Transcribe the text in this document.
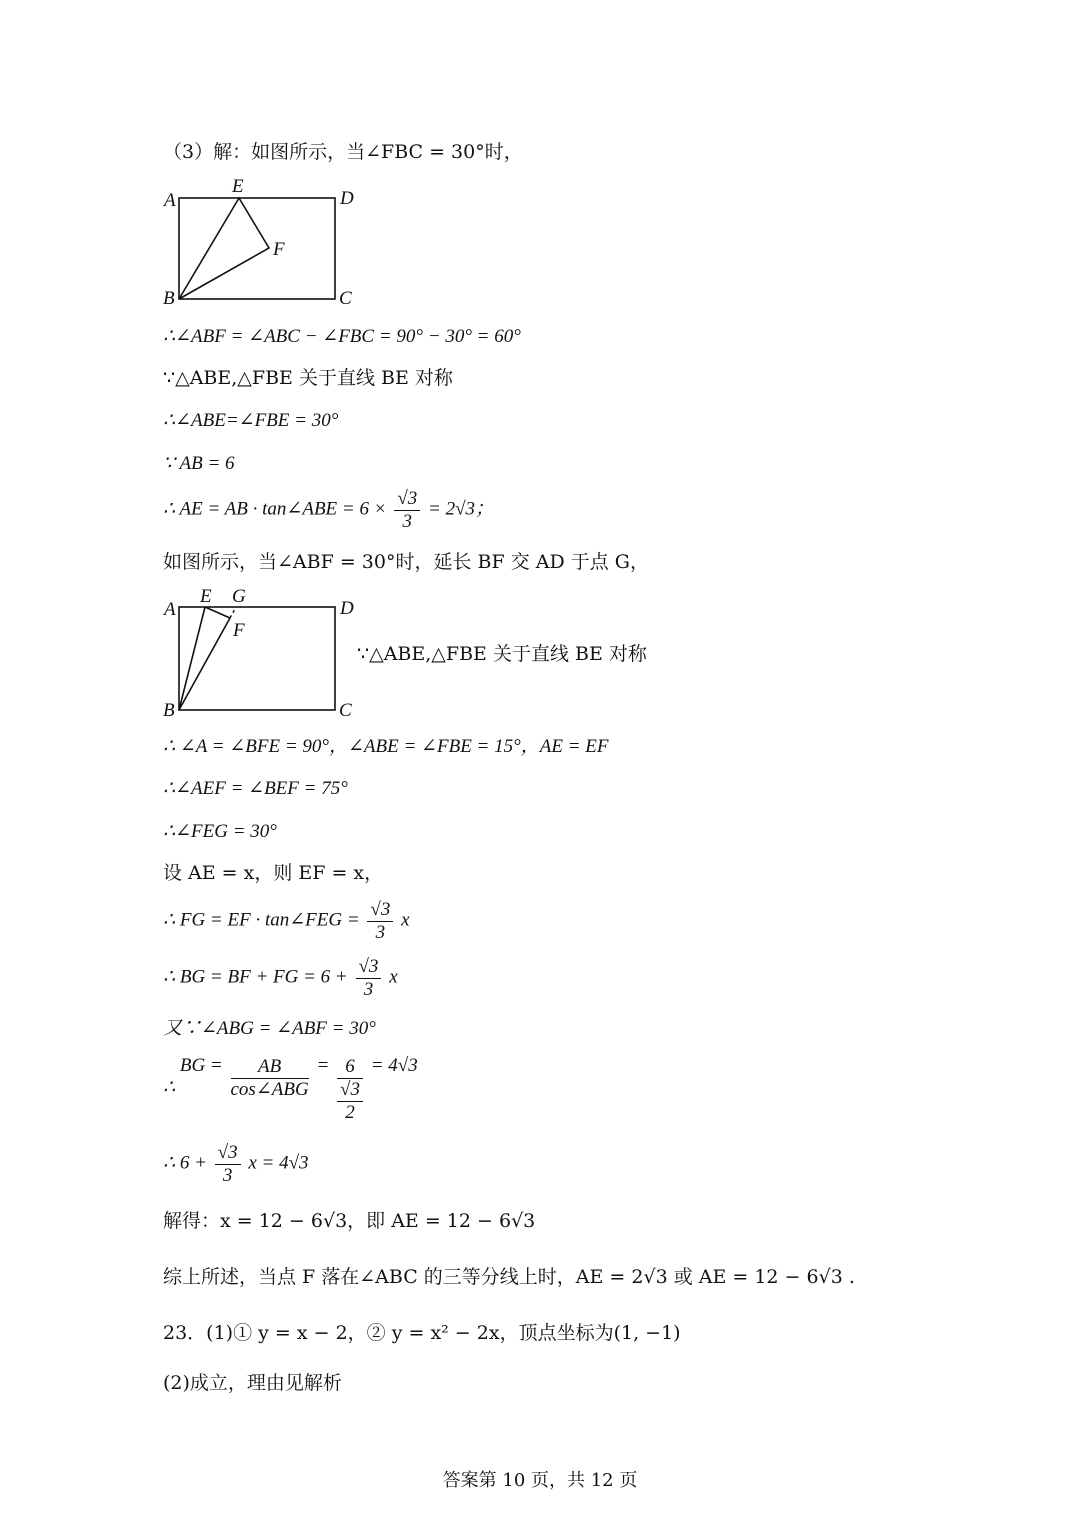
（3）解：如图所示，当∠FBC = 30°时，
A
E
D
F
B	C
∴∠ABF = ∠ABC − ∠FBC = 90° − 30° = 60°
∵△ABE,△FBE 关于直线 BE 对称
∴∠ABE=∠FBE = 30°
∵ AB = 6
∴ AE = AB · tan∠ABE = $6 \times \frac{√3}{3} = 2√3$；
如图所示，当∠ABF = 30°时，延长 BF 交 AD 于点 G，
A
E G
F
D
B	C
∵△ABE,△FBE 关于直线 BE 对称
∴ ∠A = ∠BFE = 90°，∠ABE = ∠FBE = 15°，AE = EF
∴∠AEF = ∠BEF = 75°
∴∠FEG = 30°
设 AE = x，则 EF = x，
∴ FG = EF · tan∠FEG = $\frac{√3}{3}$ x
∴ BG = BF + FG = $6 + \frac{√3}{3}$ x
又∵∠ABG = ∠ABF = 30°
∴ BG = $\frac{AB}{\text{cos∠ABG}} = 6$
√3
2 = 4√3
∴ $6 + \frac{√3}{3}$ x = 4√3
解得：x = 12 − 6√3，即 AE = 12 − 6√3
综上所述，当点 F 落在∠ABC 的三等分线上时，AE = 2√3 或 AE = 12 − 6√3 .
23．(1)① y = x − 2，② y = x² − 2x，顶点坐标为(1, −1)
(2)成立，理由见解析
答案第 10 页，共 12 页
